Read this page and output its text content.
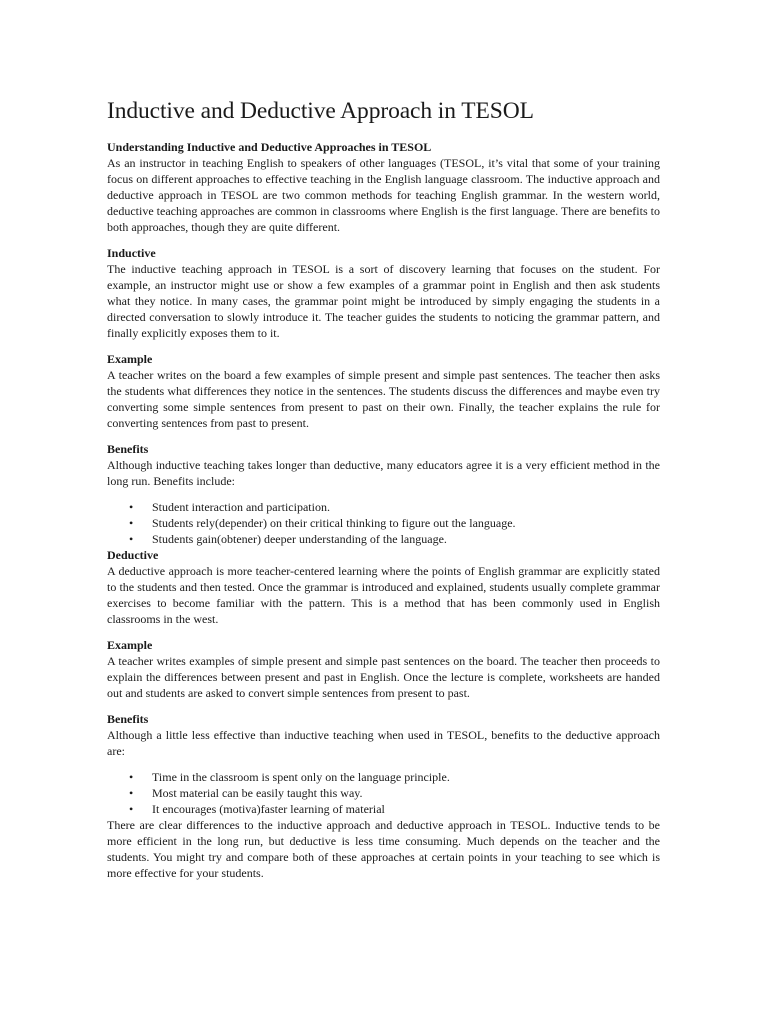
Inductive and Deductive Approach in TESOL

Understanding Inductive and Deductive Approaches in TESOL

As an instructor in teaching English to speakers of other languages (TESOL, it’s vital that some of your training focus on different approaches to effective teaching in the English language classroom. The inductive approach and deductive approach in TESOL are two common methods for teaching English grammar. In the western world, deductive teaching approaches are common in classrooms where English is the first language. There are benefits to both approaches, though they are quite different.

Inductive

The inductive teaching approach in TESOL is a sort of discovery learning that focuses on the student. For example, an instructor might use or show a few examples of a grammar point in English and then ask students what they notice. In many cases, the grammar point might be introduced by simply engaging the students in a directed conversation to slowly introduce it. The teacher guides the students to noticing the grammar pattern, and finally explicitly exposes them to it.

Example

A teacher writes on the board a few examples of simple present and simple past sentences. The teacher then asks the students what differences they notice in the sentences. The students discuss the differences and maybe even try converting some simple sentences from present to past on their own. Finally, the teacher explains the rule for converting sentences from past to present.

Benefits

Although inductive teaching takes longer than deductive, many educators agree it is a very efficient method in the long run. Benefits include:

• Student interaction and participation.
• Students rely(depender) on their critical thinking to figure out the language.
• Students gain(obtener) deeper understanding of the language.

Deductive

A deductive approach is more teacher-centered learning where the points of English grammar are explicitly stated to the students and then tested. Once the grammar is introduced and explained, students usually complete grammar exercises to become familiar with the pattern. This is a method that has been commonly used in English classrooms in the west.

Example

A teacher writes examples of simple present and simple past sentences on the board. The teacher then proceeds to explain the differences between present and past in English. Once the lecture is complete, worksheets are handed out and students are asked to convert simple sentences from present to past.

Benefits

Although a little less effective than inductive teaching when used in TESOL, benefits to the deductive approach are:

• Time in the classroom is spent only on the language principle.
• Most material can be easily taught this way.
• It encourages (motiva)faster learning of material

There are clear differences to the inductive approach and deductive approach in TESOL. Inductive tends to be more efficient in the long run, but deductive is less time consuming. Much depends on the teacher and the students. You might try and compare both of these approaches at certain points in your teaching to see which is more effective for your students.
